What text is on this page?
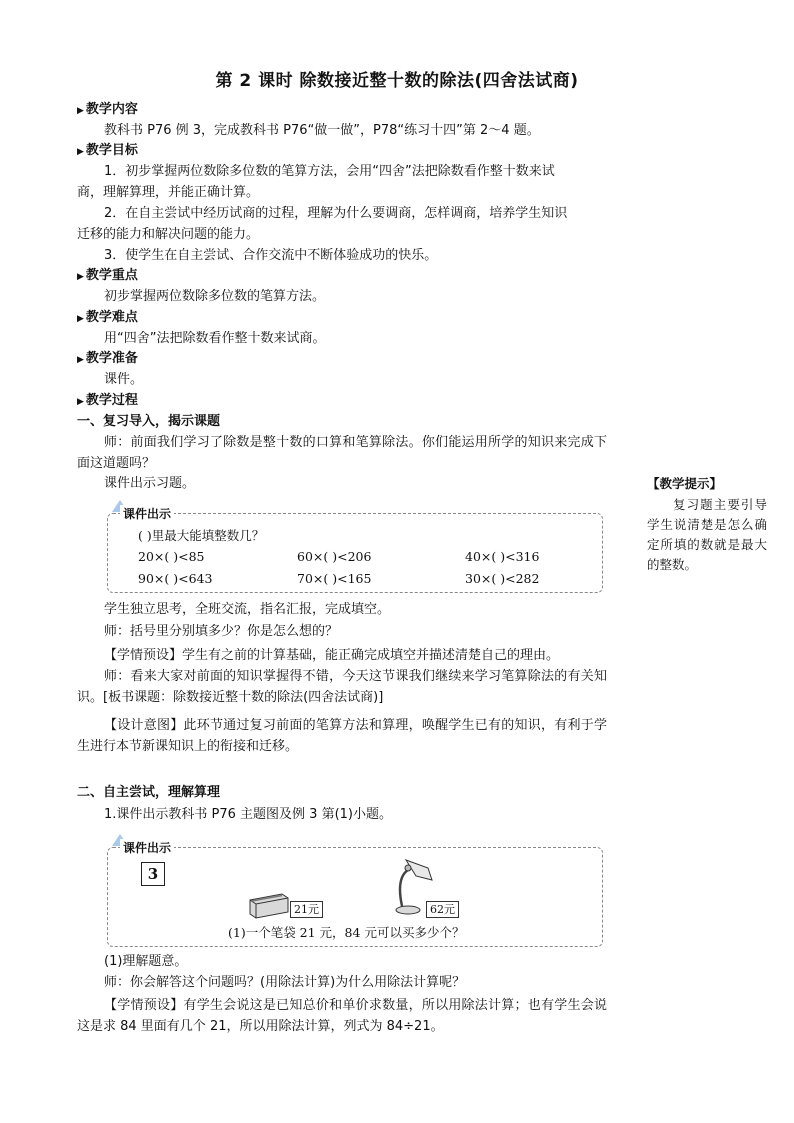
第 2 课时 除数接近整十数的除法(四舍法试商)
▶ 教学内容
教科书 P76 例 3，完成教科书 P76“做一做”，P78“练习十四”第 2～4 题。
▶ 教学目标
1．初步掌握两位数除多位数的笔算方法，会用“四舍”法把除数看作整十数来试
商，理解算理，并能正确计算。
2．在自主尝试中经历试商的过程，理解为什么要调商，怎样调商，培养学生知识
迁移的能力和解决问题的能力。
3．使学生在自主尝试、合作交流中不断体验成功的快乐。
▶ 教学重点
初步掌握两位数除多位数的笔算方法。
▶ 教学难点
用“四舍”法把除数看作整十数来试商。
▶ 教学准备
课件。
▶ 教学过程
一、复习导入，揭示课题
师：前面我们学习了除数是整十数的口算和笔算除法。你们能运用所学的知识来完成下面这道题吗？
课件出示习题。
课件出示
( )里最大能填整数几？
20×( )<85	60×( )<206	40×( )<316
90×( )<643	70×( )<165	30×( )<282
学生独立思考，全班交流，指名汇报，完成填空。
师：括号里分别填多少？你是怎么想的？
【学情预设】学生有之前的计算基础，能正确完成填空并描述清楚自己的理由。
师：看来大家对前面的知识掌握得不错，今天这节课我们继续来学习笔算除法的有关知识。[板书课题：除数接近整十数的除法(四舍法试商)]
【设计意图】此环节通过复习前面的笔算方法和算理，唤醒学生已有的知识，有利于学生进行本节新课知识上的衔接和迁移。
【教学提示】
复习题主要引导学生说清楚是怎么确定所填的数就是最大的整数。
二、自主尝试，理解算理
1.课件出示教科书 P76 主题图及例 3 第(1)小题。
课件出示
3
21元	62元
(1)一个笔袋 21 元，84 元可以买多少个？
(1)理解题意。
师：你会解答这个问题吗？(用除法计算)为什么用除法计算呢？
【学情预设】有学生会说这是已知总价和单价求数量，所以用除法计算；也有学生会说这是求 84 里面有几个 21，所以用除法计算，列式为 84÷21。
